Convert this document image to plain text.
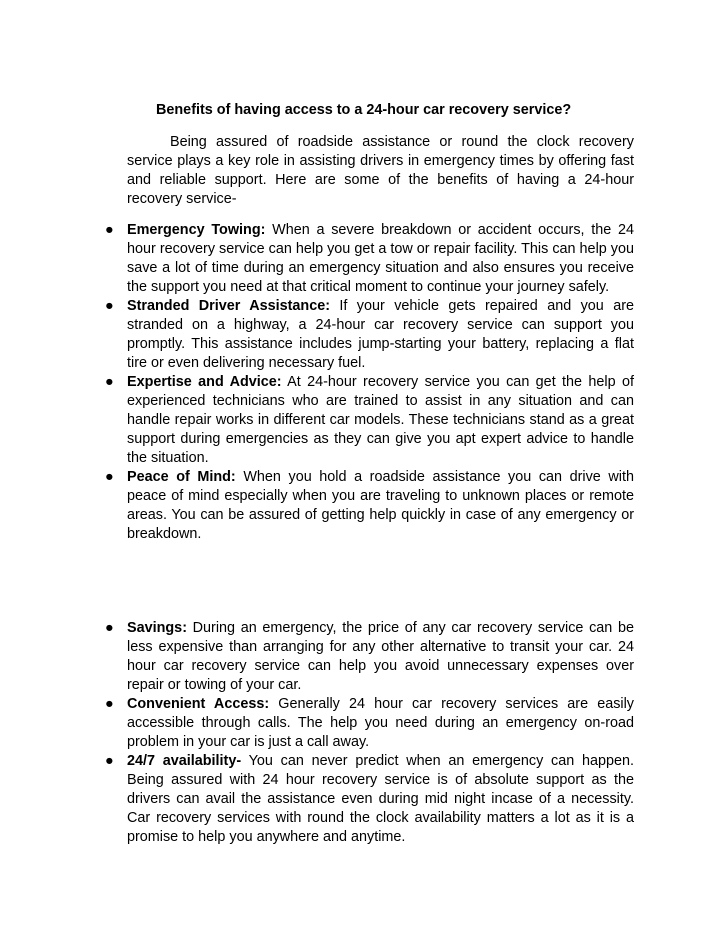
Benefits of having access to a 24-hour car recovery service?

Being assured of roadside assistance or round the clock recovery service plays a key role in assisting drivers in emergency times by offering fast and reliable support. Here are some of the benefits of having a 24-hour recovery service-

● Emergency Towing: When a severe breakdown or accident occurs, the 24 hour recovery service can help you get a tow or repair facility. This can help you save a lot of time during an emergency situation and also ensures you receive the support you need at that critical moment to continue your journey safely.
● Stranded Driver Assistance: If your vehicle gets repaired and you are stranded on a highway, a 24-hour car recovery service can support you promptly. This assistance includes jump-starting your battery, replacing a flat tire or even delivering necessary fuel.
● Expertise and Advice: At 24-hour recovery service you can get the help of experienced technicians who are trained to assist in any situation and can handle repair works in different car models. These technicians stand as a great support during emergencies as they can give you apt expert advice to handle the situation.
● Peace of Mind: When you hold a roadside assistance you can drive with peace of mind especially when you are traveling to unknown places or remote areas. You can be assured of getting help quickly in case of any emergency or breakdown.
● Savings: During an emergency, the price of any car recovery service can be less expensive than arranging for any other alternative to transit your car. 24 hour car recovery service can help you avoid unnecessary expenses over repair or towing of your car.
● Convenient Access: Generally 24 hour car recovery services are easily accessible through calls. The help you need during an emergency on-road problem in your car is just a call away.
● 24/7 availability- You can never predict when an emergency can happen. Being assured with 24 hour recovery service is of absolute support as the drivers can avail the assistance even during mid night incase of a necessity. Car recovery services with round the clock availability matters a lot as it is a promise to help you anywhere and anytime.
